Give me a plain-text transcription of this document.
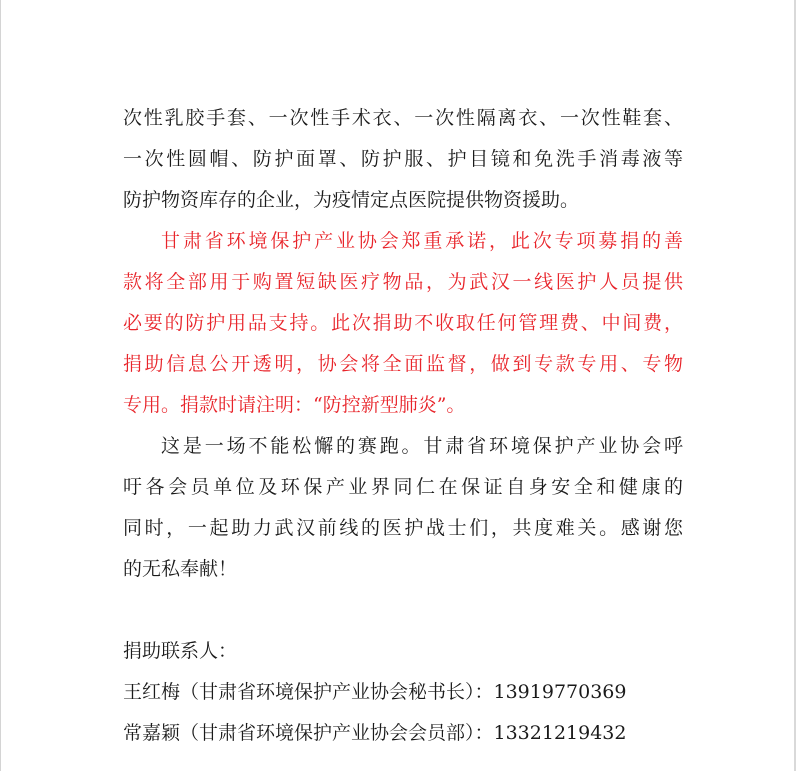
次性乳胶手套、一次性手术衣、一次性隔离衣、一次性鞋套、
一次性圆帽、防护面罩、防护服、护目镜和免洗手消毒液等
防护物资库存的企业，为疫情定点医院提供物资援助。
甘肃省环境保护产业协会郑重承诺，此次专项募捐的善
款将全部用于购置短缺医疗物品，为武汉一线医护人员提供
必要的防护用品支持。此次捐助不收取任何管理费、中间费，
捐助信息公开透明，协会将全面监督，做到专款专用、专物
专用。捐款时请注明：“防控新型肺炎”。
这是一场不能松懈的赛跑。甘肃省环境保护产业协会呼
吁各会员单位及环保产业界同仁在保证自身安全和健康的
同时，一起助力武汉前线的医护战士们，共度难关。感谢您
的无私奉献！
捐助联系人：
王红梅（甘肃省环境保护产业协会秘书长）：13919770369
常嘉颖（甘肃省环境保护产业协会会员部）：13321219432
